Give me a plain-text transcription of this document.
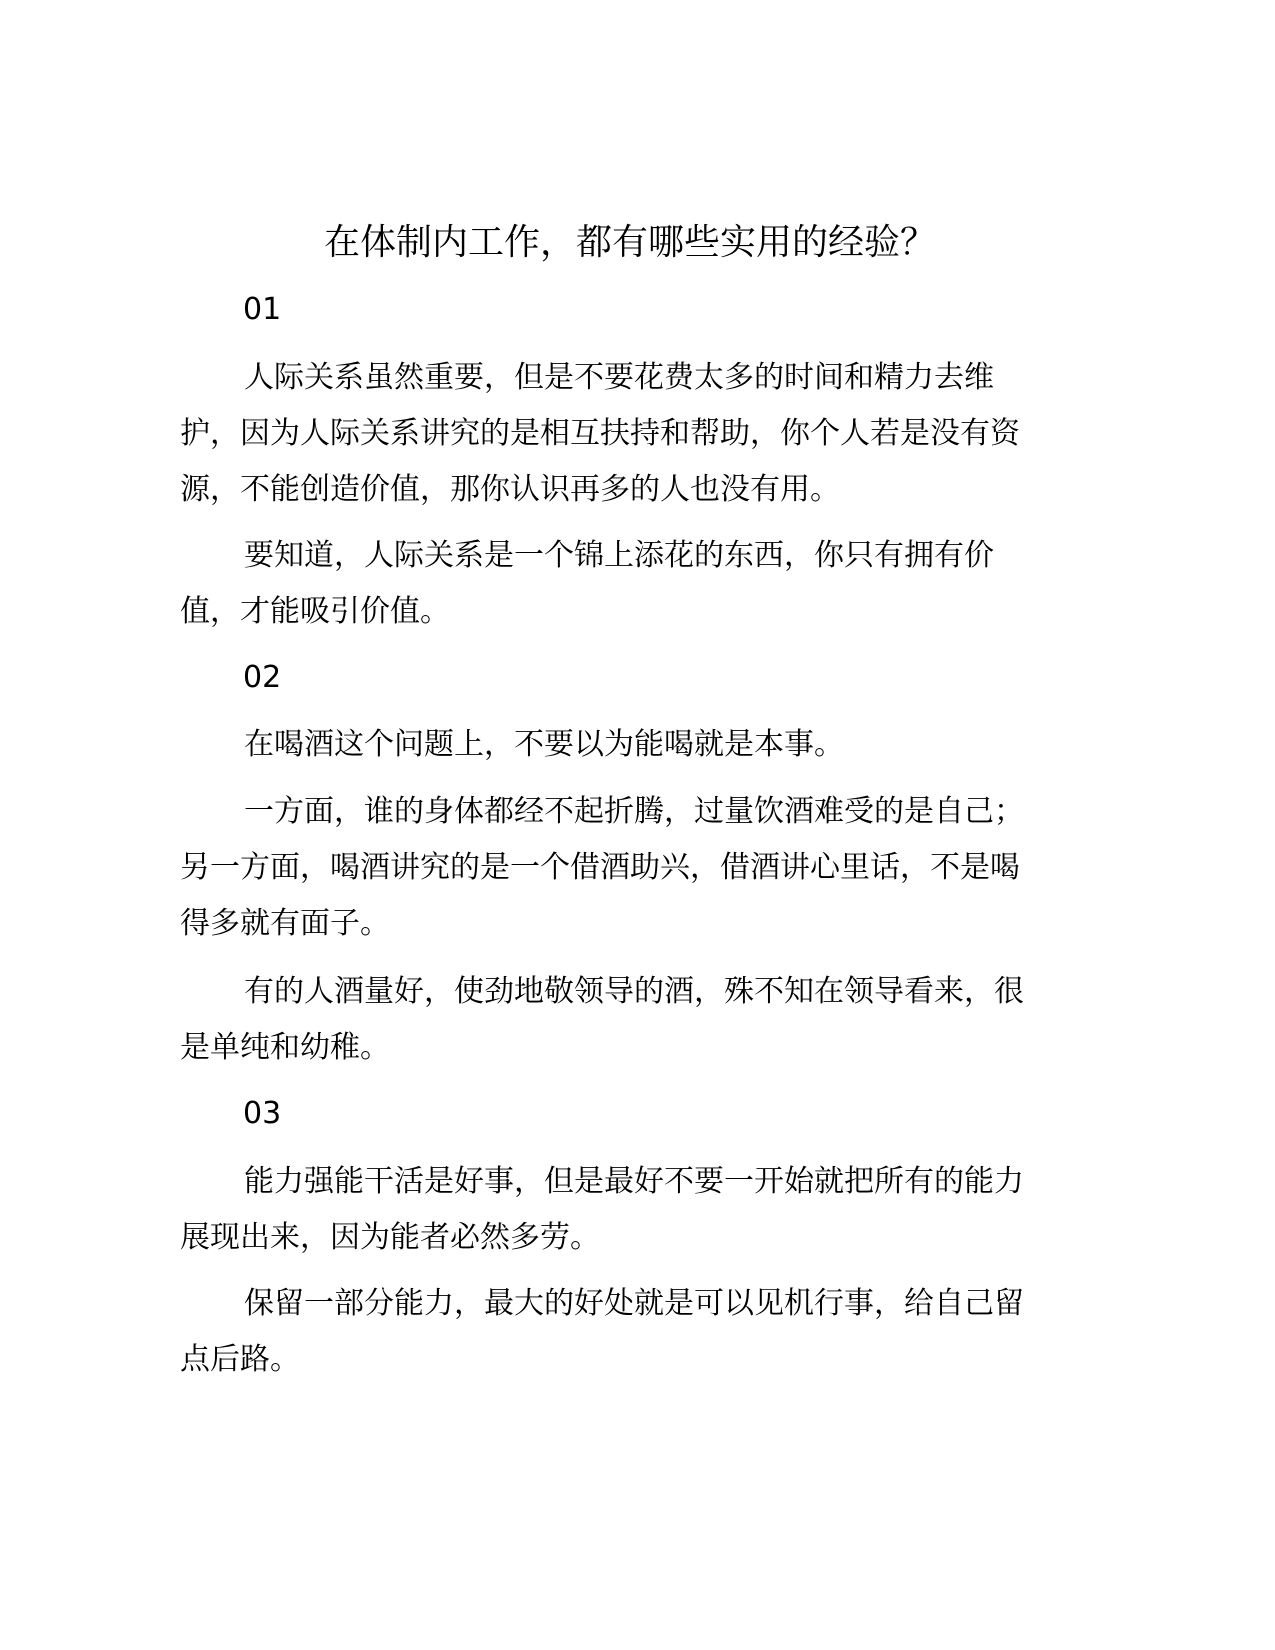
在体制内工作，都有哪些实用的经验？

01

人际关系虽然重要，但是不要花费太多的时间和精力去维护，因为人际关系讲究的是相互扶持和帮助，你个人若是没有资源，不能创造价值，那你认识再多的人也没有用。

要知道，人际关系是一个锦上添花的东西，你只有拥有价值，才能吸引价值。

02

在喝酒这个问题上，不要以为能喝就是本事。

一方面，谁的身体都经不起折腾，过量饮酒难受的是自己；另一方面，喝酒讲究的是一个借酒助兴，借酒讲心里话，不是喝得多就有面子。

有的人酒量好，使劲地敬领导的酒，殊不知在领导看来，很是单纯和幼稚。

03

能力强能干活是好事，但是最好不要一开始就把所有的能力展现出来，因为能者必然多劳。

保留一部分能力，最大的好处就是可以见机行事，给自己留点后路。
